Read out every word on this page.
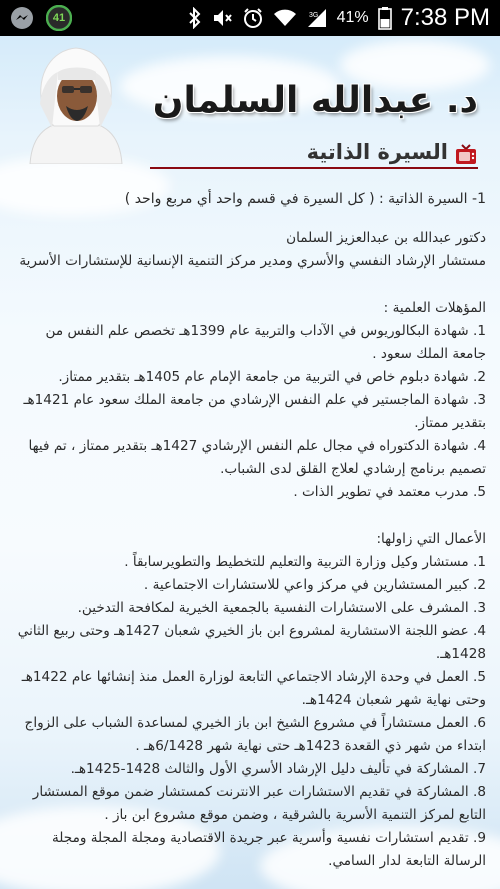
41	3G 41% 7:38 PM
د. عبدالله السلمان
السيرة الذاتية

1- السيرة الذاتية : ( كل السيرة في قسم واحد أي مربع واحد )

دكتور عبدالله بن عبدالعزيز السلمان

مستشار الإرشاد النفسي والأسري ومدير مركز التنمية الإنسانية للإستشارات الأسرية

المؤهلات العلمية :

1. شهادة البكالوريوس في الآداب والتربية عام 1399هـ تخصص علم النفس من جامعة الملك سعود .

2. شهادة دبلوم خاص في التربية من جامعة الإمام عام 1405هـ بتقدير ممتاز.

3. شهادة الماجستير في علم النفس الإرشادي من جامعة الملك سعود عام 1421هـ بتقدير ممتاز.

4. شهادة الدكتوراه في مجال علم النفس الإرشادي 1427هـ بتقدير ممتاز ، تم فيها تصميم برنامج إرشادي لعلاج القلق لدى الشباب.

5. مدرب معتمد في تطوير الذات .

الأعمال التي زاولها:

1. مستشار وكيل وزارة التربية والتعليم للتخطيط والتطويرسابقاً .

2. كبير المستشارين في مركز واعي للاستشارات الاجتماعية .

3. المشرف على الاستشارات النفسية بالجمعية الخيرية لمكافحة التدخين.

4. عضو اللجنة الاستشارية لمشروع ابن باز الخيري شعبان 1427هـ وحتى ربيع الثاني 1428هـ.

5. العمل في وحدة الإرشاد الاجتماعي التابعة لوزارة العمل منذ إنشائها عام 1422هـ وحتى نهاية شهر شعبان 1424هـ.

6. العمل مستشاراً في مشروع الشيخ ابن باز الخيري لمساعدة الشباب على الزواج ابتداء من شهر ذي القعدة 1423هـ حتى نهاية شهر 6/1428هـ .

7. المشاركة في تأليف دليل الإرشاد الأسري الأول والثالث 1428-1425هـ.

8. المشاركة في تقديم الاستشارات عبر الانترنت كمستشار ضمن موقع المستشار التابع لمركز التنمية الأسرية بالشرقية ، وضمن موقع مشروع ابن باز .

9. تقديم استشارات نفسية وأسرية عبر جريدة الاقتصادية ومجلة المجلة ومجلة الرسالة التابعة لدار السامي.
